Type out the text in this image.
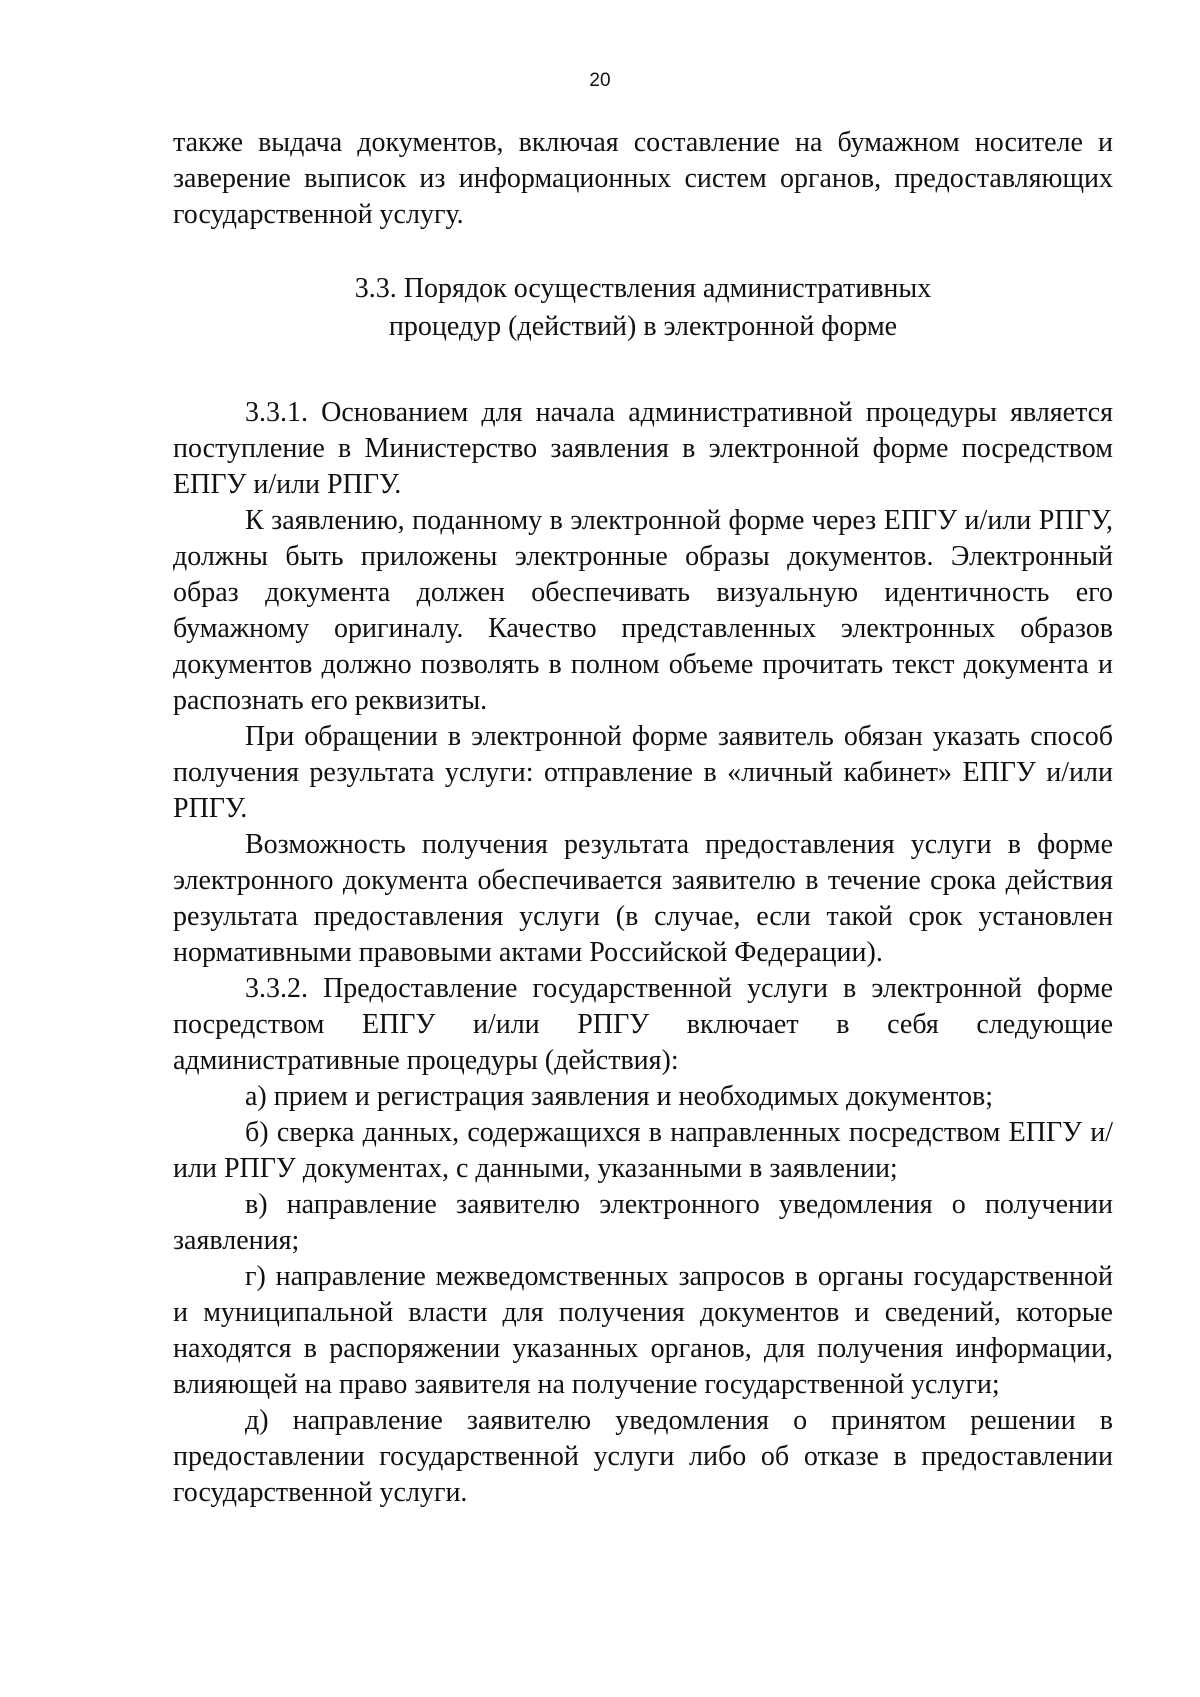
20

также выдача документов, включая составление на бумажном носителе и заверение выписок из информационных систем органов, предоставляющих государственной услугу.

3.3. Порядок осуществления административных
процедур (действий) в электронной форме

3.3.1. Основанием для начала административной процедуры является поступление в Министерство заявления в электронной форме посредством ЕПГУ и/или РПГУ.

К заявлению, поданному в электронной форме через ЕПГУ и/или РПГУ, должны быть приложены электронные образы документов. Электронный образ документа должен обеспечивать визуальную идентичность его бумажному оригиналу. Качество представленных электронных образов документов должно позволять в полном объеме прочитать текст документа и распознать его реквизиты.

При обращении в электронной форме заявитель обязан указать способ получения результата услуги: отправление в «личный кабинет» ЕПГУ и/или РПГУ.

Возможность получения результата предоставления услуги в форме электронного документа обеспечивается заявителю в течение срока действия результата предоставления услуги (в случае, если такой срок установлен нормативными правовыми актами Российской Федерации).

3.3.2. Предоставление государственной услуги в электронной форме посредством ЕПГУ и/или РПГУ включает в себя следующие административные процедуры (действия):

а) прием и регистрация заявления и необходимых документов;

б) сверка данных, содержащихся в направленных посредством ЕПГУ и/или РПГУ документах, с данными, указанными в заявлении;

в) направление заявителю электронного уведомления о получении заявления;

г) направление межведомственных запросов в органы государственной и муниципальной власти для получения документов и сведений, которые находятся в распоряжении указанных органов, для получения информации, влияющей на право заявителя на получение государственной услуги;

д) направление заявителю уведомления о принятом решении в предоставлении государственной услуги либо об отказе в предоставлении государственной услуги.
